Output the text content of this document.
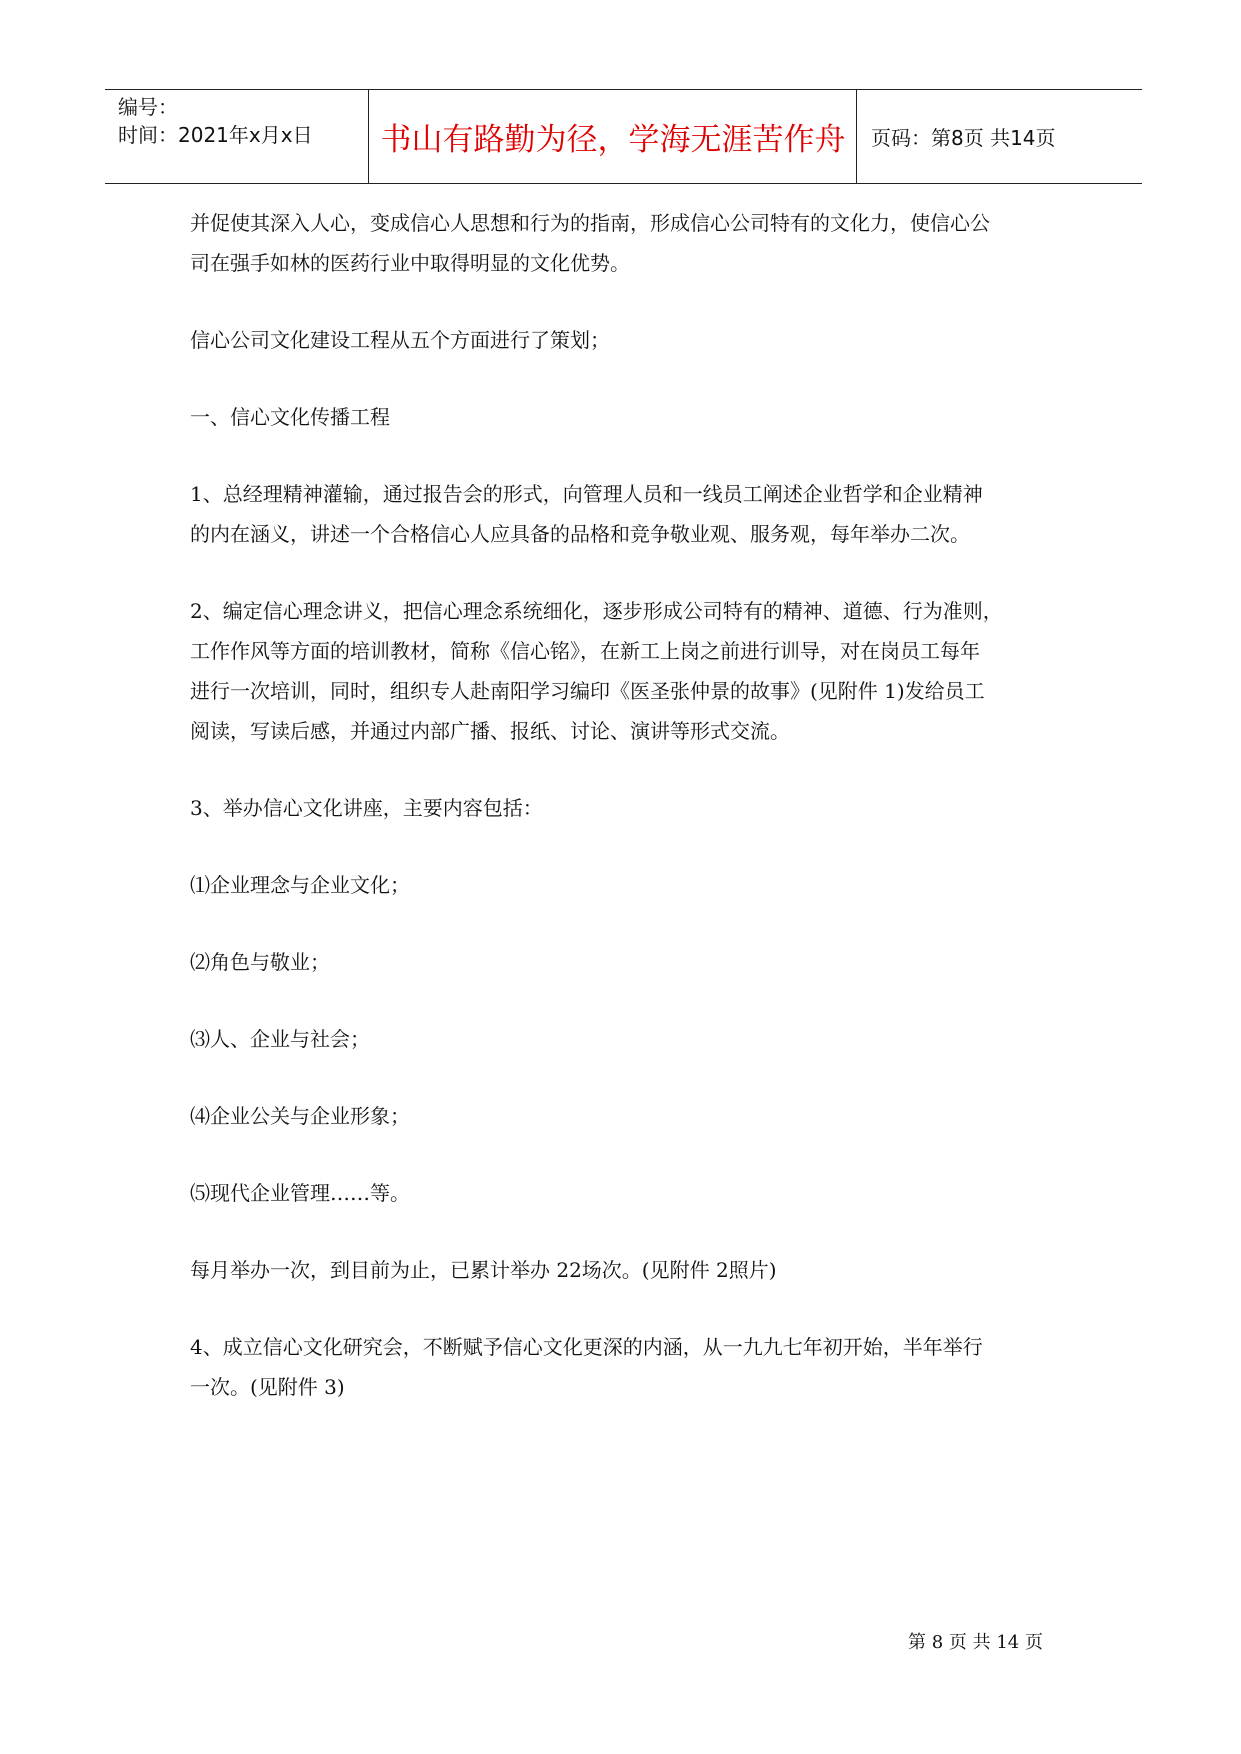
编号：
时间：2021年x月x日	书山有路勤为径，学海无涯苦作舟	页码：第8页 共14页
并促使其深入人心，变成信心人思想和行为的指南，形成信心公司特有的文化力，使信心公
司在强手如林的医药行业中取得明显的文化优势。
信心公司文化建设工程从五个方面进行了策划；
一、信心文化传播工程
1、总经理精神灌输，通过报告会的形式，向管理人员和一线员工阐述企业哲学和企业精神
的内在涵义，讲述一个合格信心人应具备的品格和竞争敬业观、服务观，每年举办二次。
2、编定信心理念讲义，把信心理念系统细化，逐步形成公司特有的精神、道德、行为准则，
工作作风等方面的培训教材，简称《信心铭》，在新工上岗之前进行训导，对在岗员工每年
进行一次培训，同时，组织专人赴南阳学习编印《医圣张仲景的故事》(见附件 1)发给员工
阅读，写读后感，并通过内部广播、报纸、讨论、演讲等形式交流。
3、举办信心文化讲座，主要内容包括：
⑴企业理念与企业文化；
⑵角色与敬业；
⑶人、企业与社会；
⑷企业公关与企业形象；
⑸现代企业管理……等。
每月举办一次，到目前为止，已累计举办 22场次。(见附件 2照片)
4、成立信心文化研究会，不断赋予信心文化更深的内涵，从一九九七年初开始，半年举行
一次。(见附件 3)
第 8 页 共 14 页
